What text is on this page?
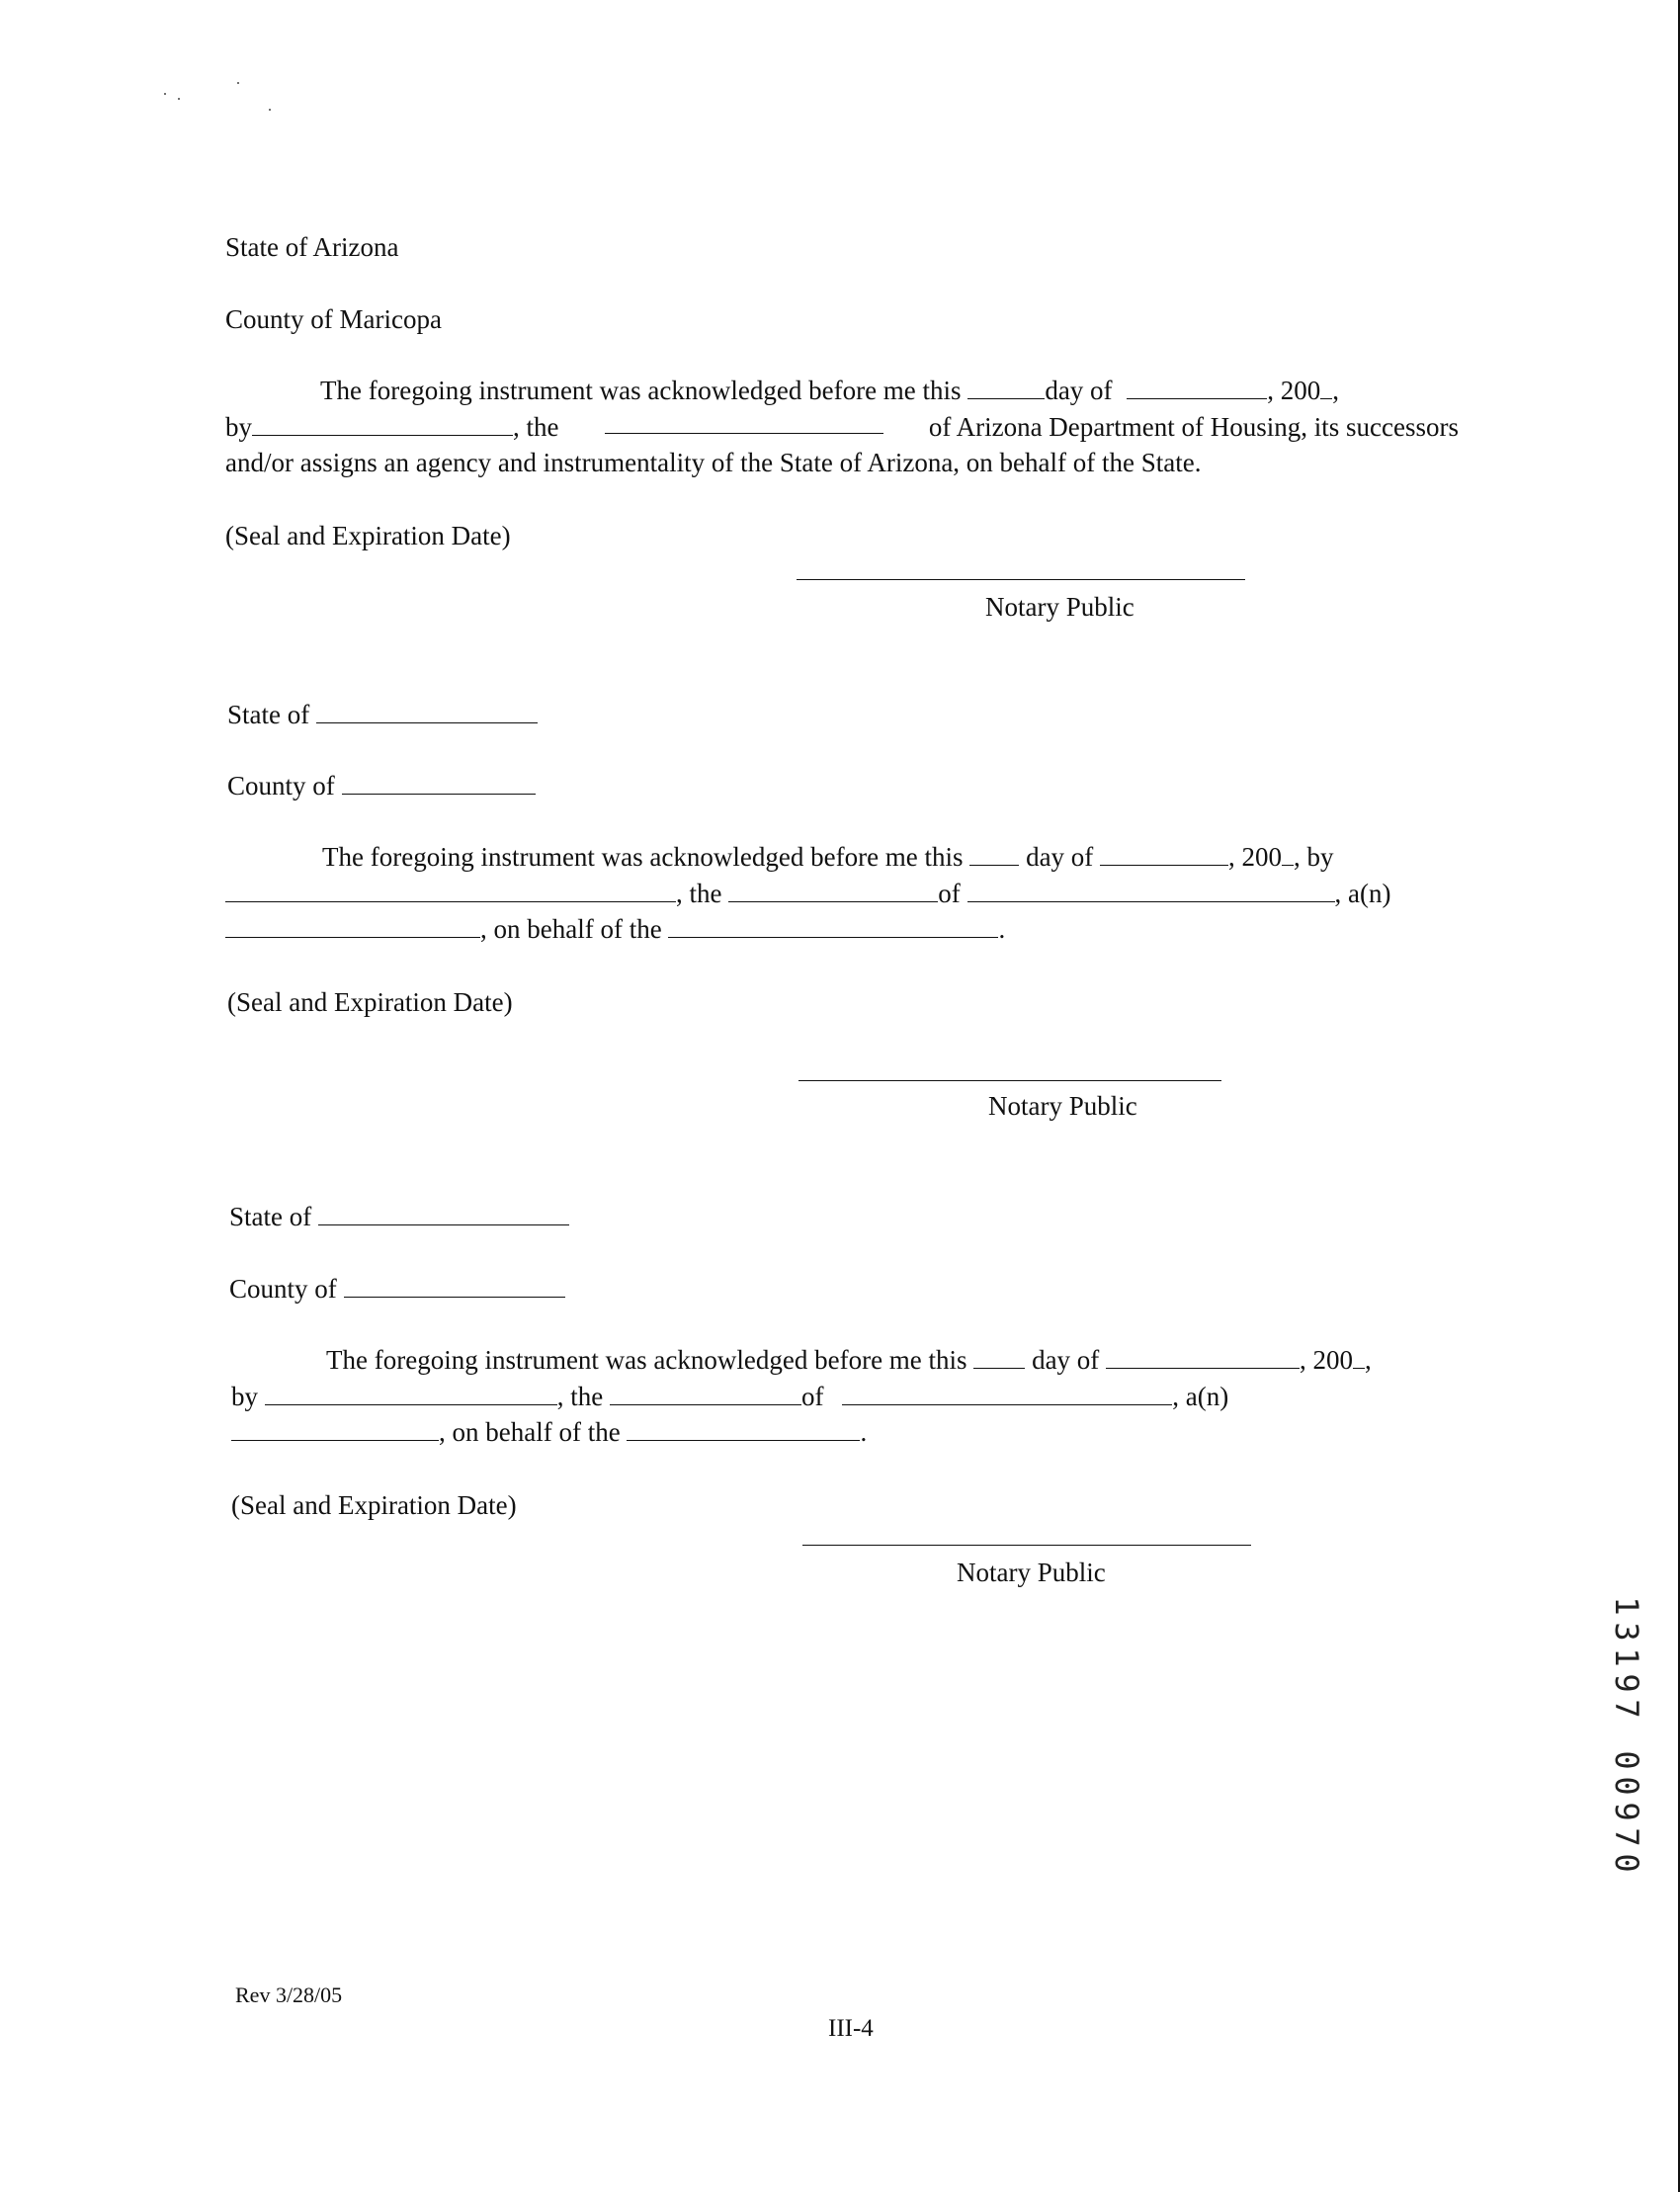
State of Arizona
County of Maricopa
The foregoing instrument was acknowledged before me this	day of	, 200 ,
by	, the	of Arizona Department of Housing, its successors
and/or assigns an agency and instrumentality of the State of Arizona, on behalf of the State.
(Seal and Expiration Date)
Notary Public
State of
County of
The foregoing instrument was acknowledged before me this day of	, 200 , by
, the	of	, a(n)
, on behalf of the	.
(Seal and Expiration Date)
Notary Public
State of
County of
The foregoing instrument was acknowledged before me this day of	, 200 ,
by	, the	of	, a(n)
, on behalf of the	.
(Seal and Expiration Date)
Notary Public
1
3
1
9
7
0
0
9
7
0
Rev 3/28/05
III-4
